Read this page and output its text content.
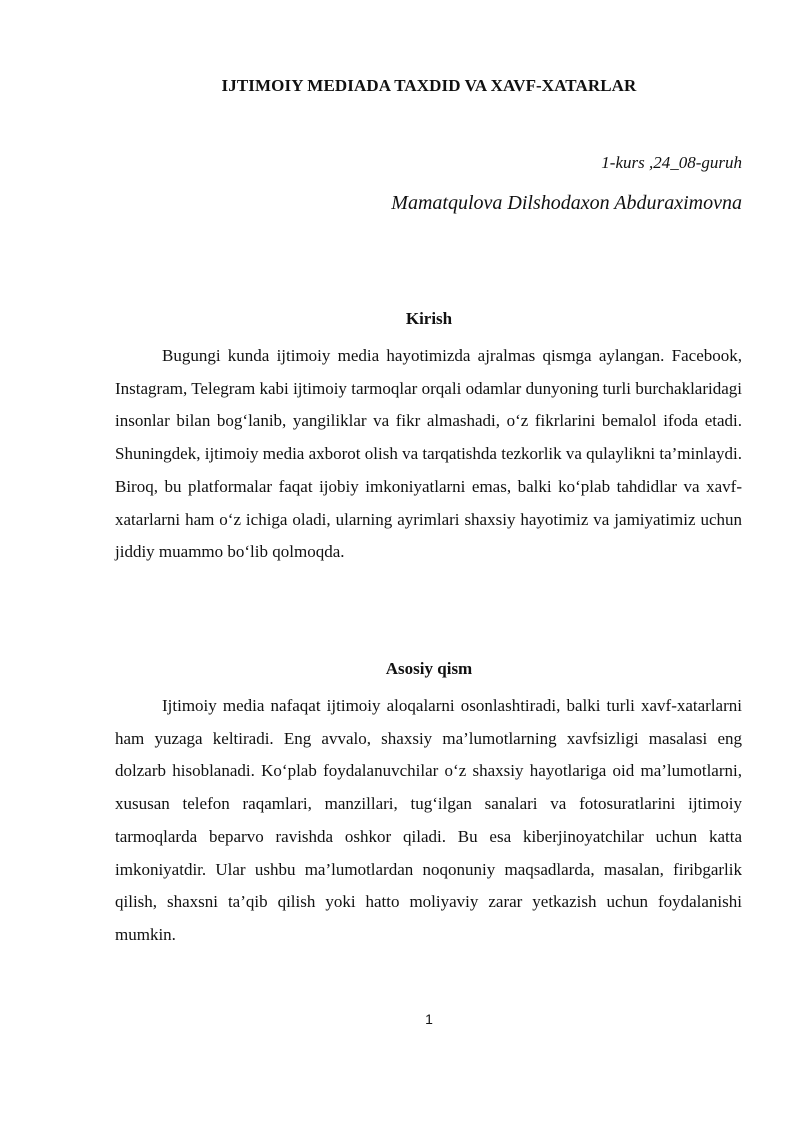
IJTIMOIY MEDIADA TAXDID VA XAVF-XATARLAR
1-kurs ,24_08-guruh
Mamatqulova Dilshodaxon Abduraximovna
Kirish

Bugungi kunda ijtimoiy media hayotimizda ajralmas qismga aylangan. Facebook, Instagram, Telegram kabi ijtimoiy tarmoqlar orqali odamlar dunyoning turli burchaklaridagi insonlar bilan bog‘lanib, yangiliklar va fikr almashadi, o‘z fikrlarini bemalol ifoda etadi. Shuningdek, ijtimoiy media axborot olish va tarqatishda tezkorlik va qulaylikni ta’minlaydi. Biroq, bu platformalar faqat ijobiy imkoniyatlarni emas, balki ko‘plab tahdidlar va xavf-xatarlarni ham o‘z ichiga oladi, ularning ayrimlari shaxsiy hayotimiz va jamiyatimiz uchun jiddiy muammo bo‘lib qolmoqda.

Asosiy qism

Ijtimoiy media nafaqat ijtimoiy aloqalarni osonlashtiradi, balki turli xavf-xatarlarni ham yuzaga keltiradi. Eng avvalo, shaxsiy ma’lumotlarning xavfsizligi masalasi eng dolzarb hisoblanadi. Ko‘plab foydalanuvchilar o‘z shaxsiy hayotlariga oid ma’lumotlarni, xususan telefon raqamlari, manzillari, tug‘ilgan sanalari va fotosuratlarini ijtimoiy tarmoqlarda beparvo ravishda oshkor qiladi. Bu esa kiberjinoyatchilar uchun katta imkoniyatdir. Ular ushbu ma’lumotlardan noqonuniy maqsadlarda, masalan, firibgarlik qilish, shaxsni ta’qib qilish yoki hatto moliyaviy zarar yetkazish uchun foydalanishi mumkin.

1
